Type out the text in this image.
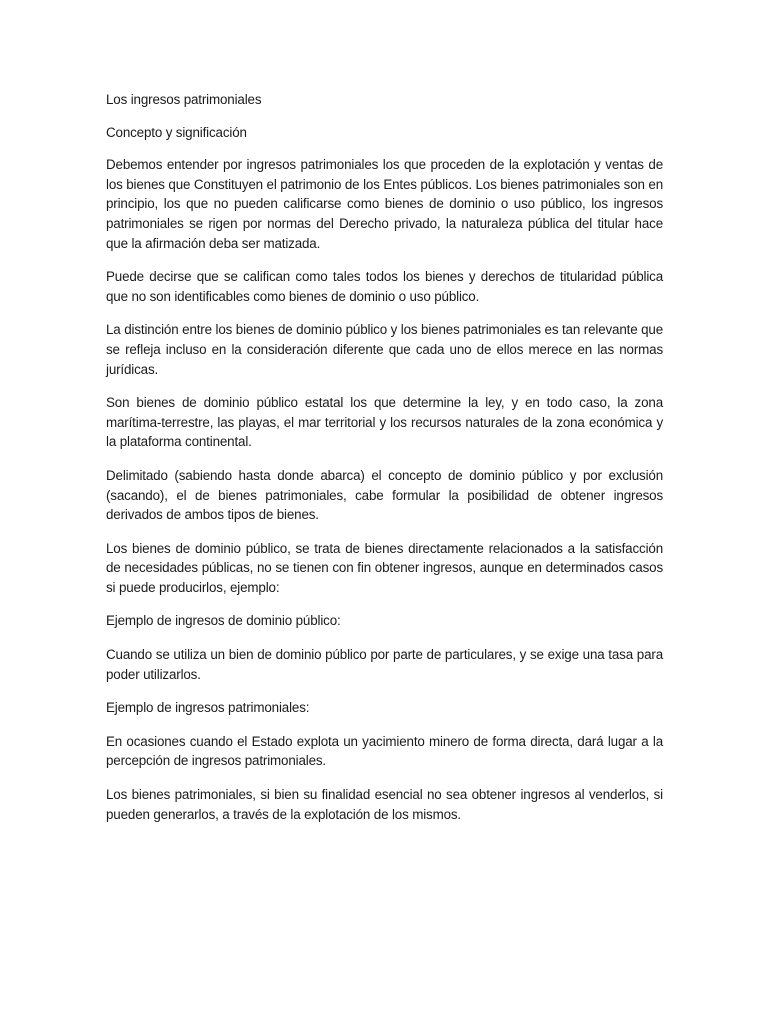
Los ingresos patrimoniales

Concepto y significación

Debemos entender por ingresos patrimoniales los que proceden de la explotación y ventas de los bienes que Constituyen el patrimonio de los Entes públicos. Los bienes patrimoniales son en principio, los que no pueden calificarse como bienes de dominio o uso público, los ingresos patrimoniales se rigen por normas del Derecho privado, la naturaleza pública del titular hace que la afirmación deba ser matizada.

Puede decirse que se califican como tales todos los bienes y derechos de titularidad pública que no son identificables como bienes de dominio o uso público.

La distinción entre los bienes de dominio público y los bienes patrimoniales es tan relevante que se refleja incluso en la consideración diferente que cada uno de ellos merece en las normas jurídicas.

Son bienes de dominio público estatal los que determine la ley, y en todo caso, la zona marítima-terrestre, las playas, el mar territorial y los recursos naturales de la zona económica y la plataforma continental.

Delimitado (sabiendo hasta donde abarca) el concepto de dominio público y por exclusión (sacando), el de bienes patrimoniales, cabe formular la posibilidad de obtener ingresos derivados de ambos tipos de bienes.

Los bienes de dominio público, se trata de bienes directamente relacionados a la satisfacción de necesidades públicas, no se tienen con fin obtener ingresos, aunque en determinados casos si puede producirlos, ejemplo:

Ejemplo de ingresos de dominio público:

Cuando se utiliza un bien de dominio público por parte de particulares, y se exige una tasa para poder utilizarlos.

Ejemplo de ingresos patrimoniales:

En ocasiones cuando el Estado explota un yacimiento minero de forma directa, dará lugar a la percepción de ingresos patrimoniales.

Los bienes patrimoniales, si bien su finalidad esencial no sea obtener ingresos al venderlos, si pueden generarlos, a través de la explotación de los mismos.
